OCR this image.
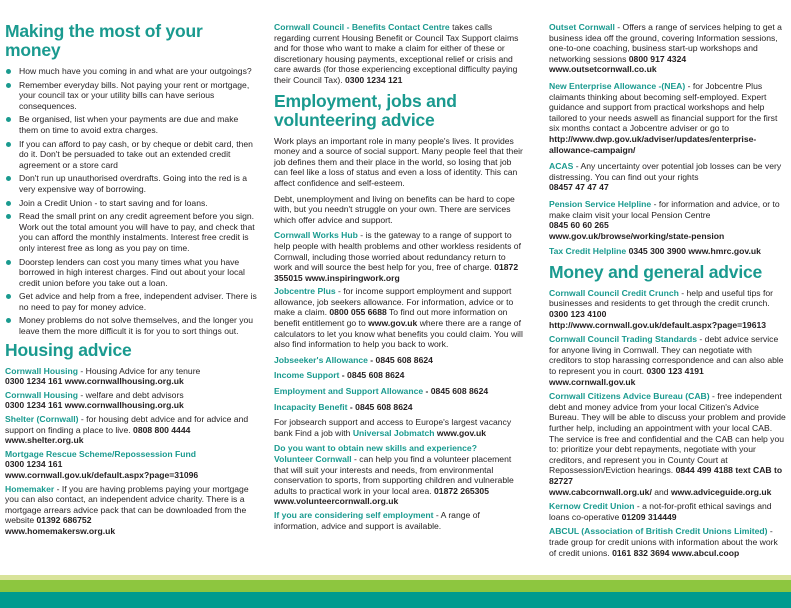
Making the most of your money
How much have you coming in and what are your outgoings?
Remember everyday bills. Not paying your rent or mortgage, your council tax or your utility bills can have serious consequences.
Be organised, list when your payments are due and make them on time to avoid extra charges.
If you can afford to pay cash, or by cheque or debit card, then do it. Don't be persuaded to take out an extended credit agreement or a store card
Don't run up unauthorised overdrafts. Going into the red is a very expensive way of borrowing.
Join a Credit Union - to start saving and for loans.
Read the small print on any credit agreement before you sign. Work out the total amount you will have to pay, and check that you can afford the monthly instalments. Interest free credit is only interest free as long as you pay on time.
Doorstep lenders can cost you many times what you have borrowed in high interest charges. Find out about your local credit union before you take out a loan.
Get advice and help from a free, independent adviser. There is no need to pay for money advice.
Money problems do not solve themselves, and the longer you leave them the more difficult it is for you to sort things out.
Housing advice

Cornwall Housing - Housing Advice for any tenure
0300 1234 161 www.cornwallhousing.org.uk

Cornwall Housing - welfare and debt advisors
0300 1234 161 www.cornwallhousing.org.uk

Shelter (Cornwall) - for housing debt advice and for advice and support on finding a place to live. 0808 800 4444
www.shelter.org.uk

Mortgage Rescue Scheme/Repossession Fund
0300 1234 161
www.cornwall.gov.uk/default.aspx?page=31096

Homemaker - If you are having problems paying your mortgage you can also contact, an independent advice charity. There is a mortgage arrears advice pack that can be downloaded from the website 01392 686752
www.homemakersw.org.uk

Cornwall Council - Benefits Contact Centre takes calls regarding current Housing Benefit or Council Tax Support claims and for those who want to make a claim for either of these or discretionary housing payments, exceptional relief or crisis and care awards (for those experiencing exceptional difficulty paying their Council Tax). 0300 1234 121

Employment, jobs and
volunteering advice

Work plays an important role in many people's lives. It provides money and a source of social support. Many people feel that their job defines them and their place in the world, so losing that job can feel like a loss of status and even a loss of identity. This can affect confidence and self-esteem.

Debt, unemployment and living on benefits can be hard to cope with, but you needn't struggle on your own. There are services which offer advice and support.

Cornwall Works Hub - is the gateway to a range of support to help people with health problems and other workless residents of Cornwall, including those worried about redundancy return to work and will source the best help for you, free of charge. 01872 355015 www.inspiringwork.org

Jobcentre Plus - for income support employment and support allowance, job seekers allowance. For information, advice or to make a claim. 0800 055 6688 To find out more information on benefit entitlement go to www.gov.uk where there are a range of calculators to let you know what benefits you could claim. You will also find information to help you back to work.

Jobseeker's Allowance - 0845 608 8624

Income Support - 0845 608 8624

Employment and Support Allowance - 0845 608 8624

Incapacity Benefit - 0845 608 8624

For jobsearch support and access to Europe's largest vacancy bank Find a job with Universal Jobmatch www.gov.uk

Do you want to obtain new skills and experience?
Volunteer Cornwall - can help you find a volunteer placement that will suit your interests and needs, from environmental conservation to sports, from supporting children and vulnerable adults to practical work in your local area. 01872 265305 www.volunteercornwall.org.uk

If you are considering self employment - A range of information, advice and support is available.

Outset Cornwall - Offers a range of services helping to get a business idea off the ground, covering Information sessions, one-to-one coaching, business start-up workshops and networking sessions 0800 917 4324
www.outsetcornwall.co.uk

New Enterprise Allowance -(NEA) - for Jobcentre Plus claimants thinking about becoming self-employed. Expert guidance and support from practical workshops and help tailored to your needs aswell as financial support for the first six months contact a Jobcentre adviser or go to http://www.dwp.gov.uk/adviser/updates/enterprise-allowance-campaign/

ACAS - Any uncertainty over potential job losses can be very distressing. You can find out your rights
08457 47 47 47

Pension Service Helpline - for information and advice, or to make claim visit your local Pension Centre
0845 60 60 265
www.gov.uk/browse/working/state-pension

Tax Credit Helpline 0345 300 3900 www.hmrc.gov.uk

Money and general advice

Cornwall Council Credit Crunch - help and useful tips for businesses and residents to get through the credit crunch.
0300 123 4100
http://www.cornwall.gov.uk/default.aspx?page=19613

Cornwall Council Trading Standards - debt advice service for anyone living in Cornwall. They can negotiate with creditors to stop harassing correspondence and can also able to represent you in court. 0300 123 4191
www.cornwall.gov.uk

Cornwall Citizens Advice Bureau (CAB) - free independent debt and money advice from your local Citizen's Advice Bureau. They will be able to discuss your problem and provide further help, including an appointment with your local CAB. The service is free and confidential and the CAB can help you to: prioritize your debt repayments, negotiate with your creditors, and represent you in County Court at Repossession/Eviction hearings. 0844 499 4188 text CAB to 82727
www.cabcornwall.org.uk/ and www.adviceguide.org.uk

Kernow Credit Union - a not-for-profit ethical savings and loans co-operative 01209 314449

ABCUL (Association of British Credit Unions Limited) - trade group for credit unions with information about the work of credit unions. 0161 832 3694 www.abcul.coop
